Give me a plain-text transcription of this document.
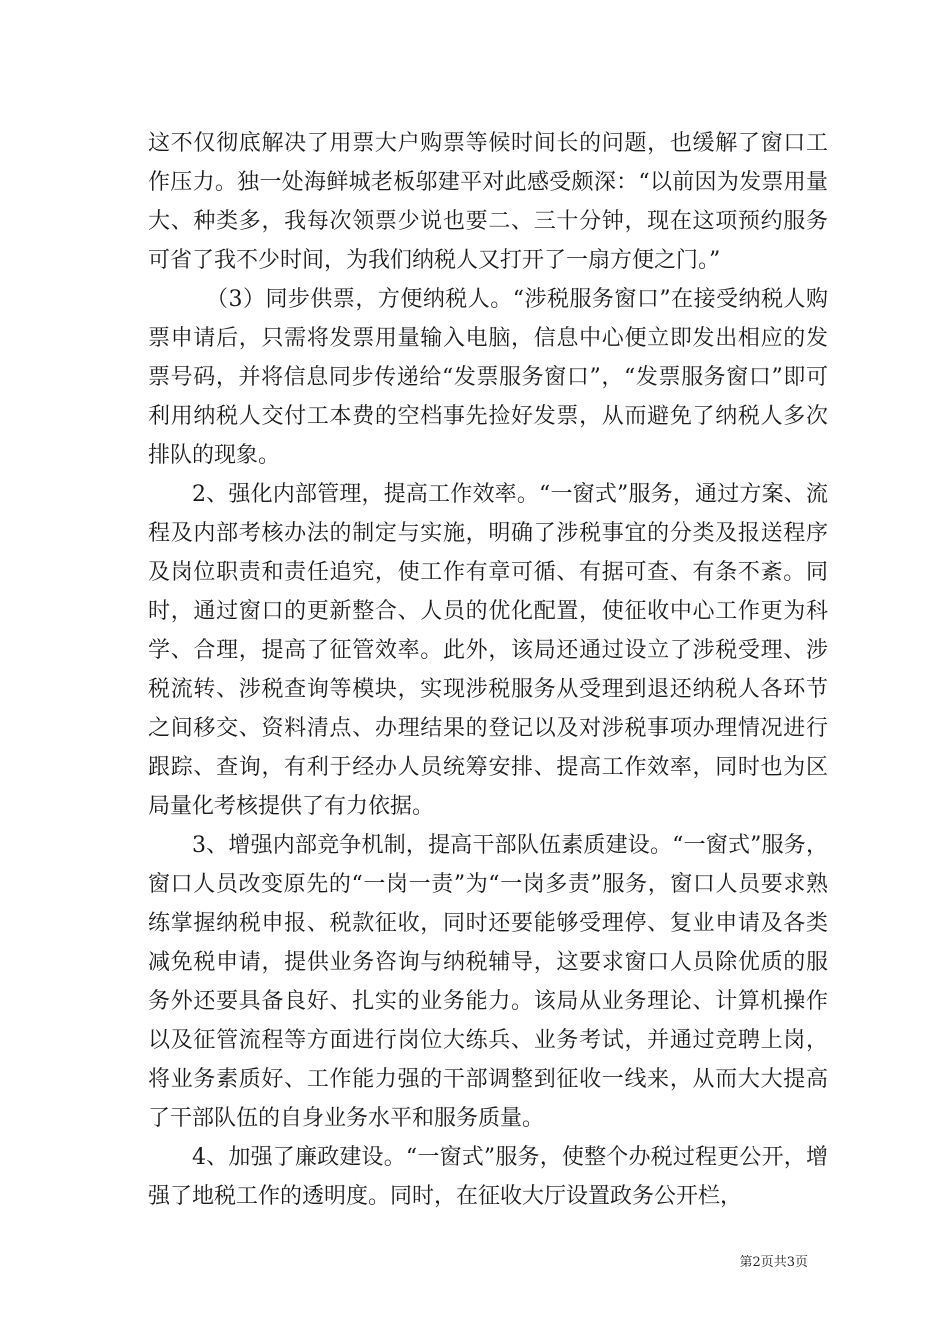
这不仅彻底解决了用票大户购票等候时间长的问题，也缓解了窗口工作压力。独一处海鲜城老板邬建平对此感受颇深：“以前因为发票用量大、种类多，我每次领票少说也要二、三十分钟，现在这项预约服务可省了我不少时间，为我们纳税人又打开了一扇方便之门。”

（3）同步供票，方便纳税人。“涉税服务窗口”在接受纳税人购票申请后，只需将发票用量输入电脑，信息中心便立即发出相应的发票号码，并将信息同步传递给“发票服务窗口”，“发票服务窗口”即可利用纳税人交付工本费的空档事先捡好发票，从而避免了纳税人多次排队的现象。

2、强化内部管理，提高工作效率。“一窗式”服务，通过方案、流程及内部考核办法的制定与实施，明确了涉税事宜的分类及报送程序及岗位职责和责任追究，使工作有章可循、有据可查、有条不紊。同时，通过窗口的更新整合、人员的优化配置，使征收中心工作更为科学、合理，提高了征管效率。此外，该局还通过设立了涉税受理、涉税流转、涉税查询等模块，实现涉税服务从受理到退还纳税人各环节之间移交、资料清点、办理结果的登记以及对涉税事项办理情况进行跟踪、查询，有利于经办人员统筹安排、提高工作效率，同时也为区局量化考核提供了有力依据。

3、增强内部竞争机制，提高干部队伍素质建设。“一窗式”服务，窗口人员改变原先的“一岗一责”为“一岗多责”服务，窗口人员要求熟练掌握纳税申报、税款征收，同时还要能够受理停、复业申请及各类减免税申请，提供业务咨询与纳税辅导，这要求窗口人员除优质的服务外还要具备良好、扎实的业务能力。该局从业务理论、计算机操作以及征管流程等方面进行岗位大练兵、业务考试，并通过竞聘上岗，将业务素质好、工作能力强的干部调整到征收一线来，从而大大提高了干部队伍的自身业务水平和服务质量。

4、加强了廉政建设。“一窗式”服务，使整个办税过程更公开，增强了地税工作的透明度。同时，在征收大厅设置政务公开栏，

第2页共3页
